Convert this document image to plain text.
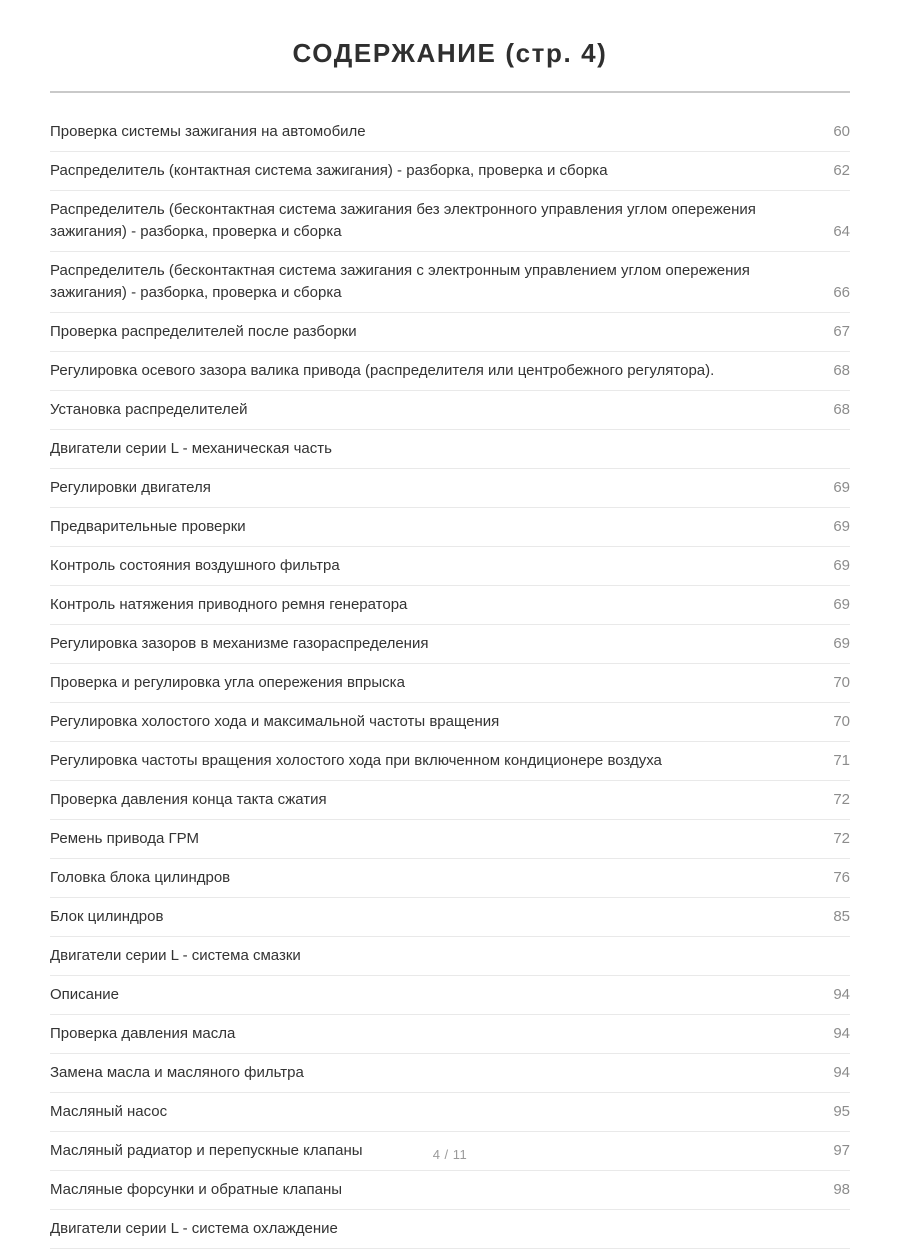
СОДЕРЖАНИЕ (стр. 4)
Проверка системы зажигания на автомобиле	60
Распределитель (контактная система зажигания) - разборка, проверка и сборка	62
Распределитель (бесконтактная система зажигания без электронного управления углом опережения зажигания) - разборка, проверка и сборка	64
Распределитель (бесконтактная система зажигания с электронным управлением углом опережения зажигания) - разборка, проверка и сборка	66
Проверка распределителей после разборки	67
Регулировка осевого зазора валика привода (распределителя или центробежного регулятора).	68
Установка распределителей	68
Двигатели серии L - механическая часть	
Регулировки двигателя	69
Предварительные проверки	69
Контроль состояния воздушного фильтра	69
Контроль натяжения приводного ремня генератора	69
Регулировка зазоров в механизме газораспределения	69
Проверка и регулировка угла опережения впрыска	70
Регулировка холостого хода и максимальной частоты вращения	70
Регулировка частоты вращения холостого хода при включенном кондиционере воздуха	71
Проверка давления конца такта сжатия	72
Ремень привода ГРМ	72
Головка блока цилиндров	76
Блок цилиндров	85
Двигатели серии L - система смазки	
Описание	94
Проверка давления масла	94
Замена масла и масляного фильтра	94
Масляный насос	95
Масляный радиатор и перепускные клапаны	97
Масляные форсунки и обратные клапаны	98
Двигатели серии L - система охлаждение	
4 / 11
